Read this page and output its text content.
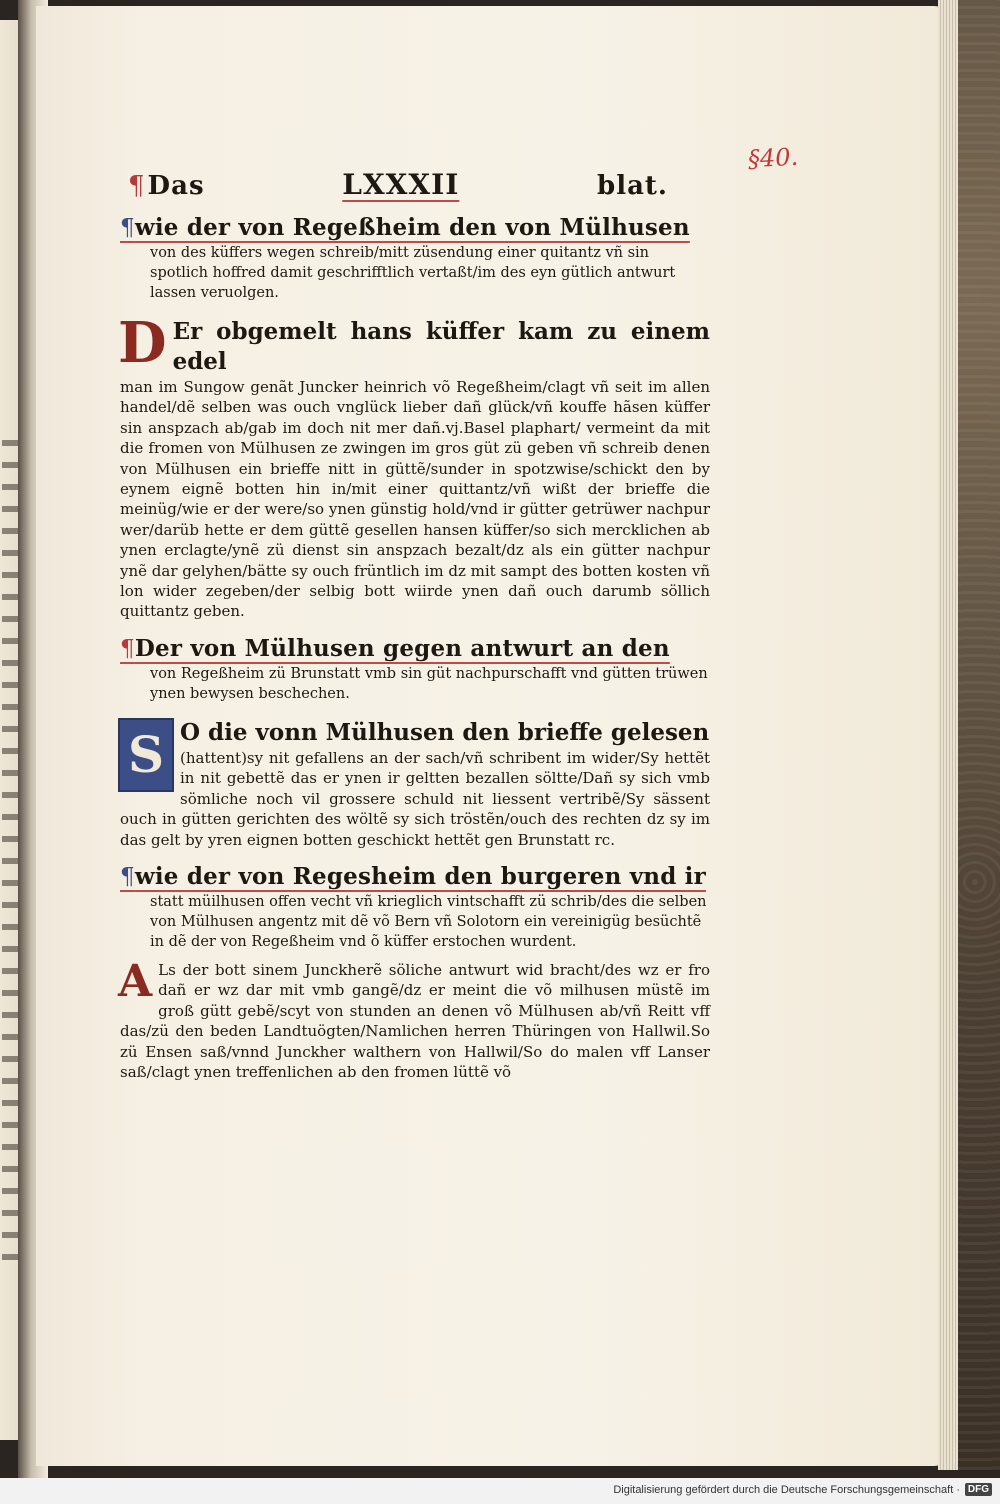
§40.
¶Das	LXXXII	blat.
¶wie der von Regeßheim den von Mülhusen
von des küffers wegen schreib/mitt züsendung einer quitantz vñ sin spotlich hoffred damit geschrifftlich vertaßt/im des eyn gütlich antwurt lassen veruolgen.
D Er obgemelt hans küffer kam zu einem edel
man im Sungow genãt Juncker heinrich võ Regeßheim/clagt vñ seit im allen handel/dẽ selben was ouch vnglück lieber dañ glück/vñ kouffe hãsen küffer sin anspzach ab/gab im doch nit mer dañ.vj.Basel plaphart/ vermeint da mit die fromen von Mülhusen ze zwingen im gros güt zü geben vñ schreib denen von Mülhusen ein brieffe nitt in güttẽ/sunder in spotzwise/schickt den by eynem eignẽ botten hin in/mit einer quittantz/vñ wißt der brieffe die meinüg/wie er der were/so ynen günstig hold/vnd ir gütter getrüwer nachpur wer/darüb hette er dem güttẽ gesellen hansen küffer/so sich mercklichen ab ynen erclagte/ynẽ zü dienst sin anspzach bezalt/dz als ein gütter nachpur ynẽ dar gelyhen/bätte sy ouch früntlich im dz mit sampt des botten kosten vñ lon wider zegeben/der selbig bott wiirde ynen dañ ouch darumb söllich quittantz geben.
¶Der von Mülhusen gegen antwurt an den
von Regeßheim zü Brunstatt vmb sin güt nachpurschafft vnd gütten trüwen ynen bewysen beschechen.
S O die vonn Mülhusen den brieffe gelesen
(hattent)sy nit gefallens an der sach/vñ schribent im wider/Sy hettẽt in nit gebettẽ das er ynen ir geltten bezallen söltte/Dañ sy sich vmb sömliche noch vil grossere schuld nit liessent vertribẽ/Sy sässent ouch in gütten gerichten des wöltẽ sy sich tröstẽn/ouch des rechten dz sy im das gelt by yren eignen botten geschickt hettẽt gen Brunstatt rc.
¶wie der von Regesheim den burgeren vnd ir
statt müilhusen offen vecht vñ krieglich vintschafft zü schrib/des die selben von Mülhusen angentz mit dẽ võ Bern vñ Solotorn ein vereinigüg besüchtẽ in dẽ der von Regeßheim vnd õ küffer erstochen wurdent.
A Ls der bott sinem Junckherẽ söliche antwurt wid bracht/des wz er fro dañ er wz dar mit vmb gangẽ/dz er meint die võ milhusen müstẽ im groß gütt gebẽ/scyt von stunden an denen võ Mülhusen ab/vñ Reitt vff das/zü den beden Landtuögten/Namlichen herren Thüringen von Hallwil.So zü Ensen saß/vnnd Junckher walthern von Hallwil/So do malen vff Lanser saß/clagt ynen treffenlichen ab den fromen lüttẽ võ
Digitalisierung gefördert durch die Deutsche Forschungsgemeinschaft · DFG
